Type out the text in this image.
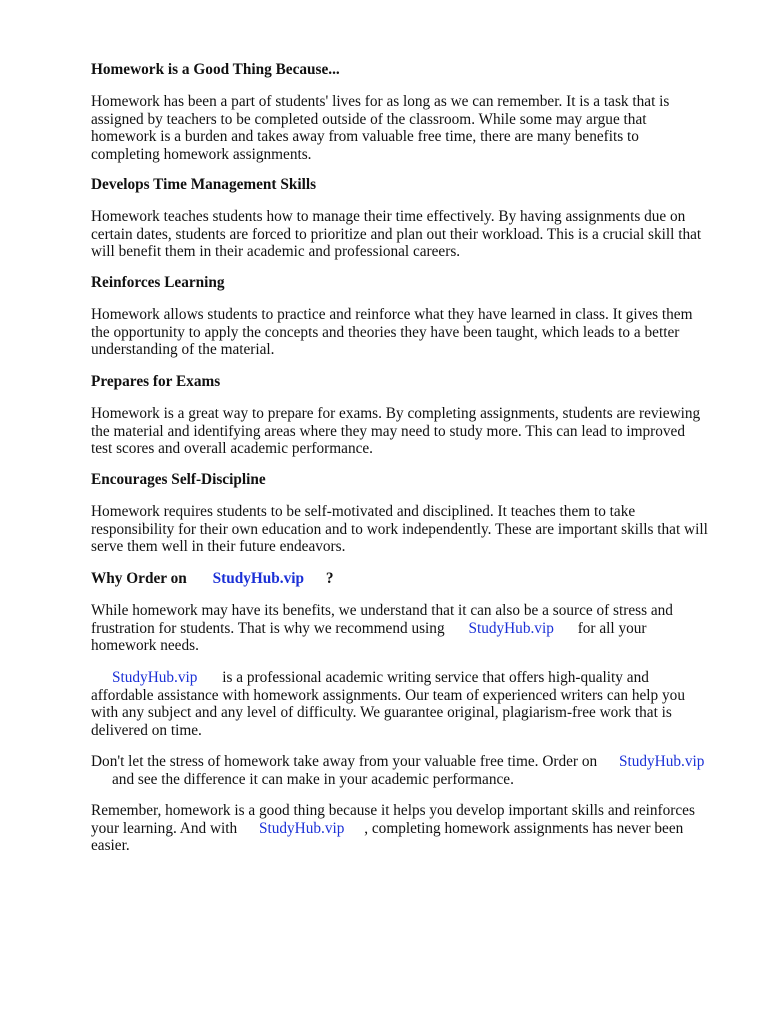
Homework is a Good Thing Because...

Homework has been a part of students' lives for as long as we can remember. It is a task that is
assigned by teachers to be completed outside of the classroom. While some may argue that
homework is a burden and takes away from valuable free time, there are many benefits to
completing homework assignments.

Develops Time Management Skills

Homework teaches students how to manage their time effectively. By having assignments due on
certain dates, students are forced to prioritize and plan out their workload. This is a crucial skill that
will benefit them in their academic and professional careers.

Reinforces Learning

Homework allows students to practice and reinforce what they have learned in class. It gives them
the opportunity to apply the concepts and theories they have been taught, which leads to a better
understanding of the material.

Prepares for Exams

Homework is a great way to prepare for exams. By completing assignments, students are reviewing
the material and identifying areas where they may need to study more. This can lead to improved
test scores and overall academic performance.

Encourages Self-Discipline

Homework requires students to be self-motivated and disciplined. It teaches them to take
responsibility for their own education and to work independently. These are important skills that will
serve them well in their future endeavors.

Why Order on StudyHub.vip ?

While homework may have its benefits, we understand that it can also be a source of stress and
frustration for students. That is why we recommend using StudyHub.vip for all your
homework needs.

StudyHub.vip is a professional academic writing service that offers high-quality and
affordable assistance with homework assignments. Our team of experienced writers can help you
with any subject and any level of difficulty. We guarantee original, plagiarism-free work that is
delivered on time.

Don't let the stress of homework take away from your valuable free time. Order on StudyHub.vip
and see the difference it can make in your academic performance.

Remember, homework is a good thing because it helps you develop important skills and reinforces
your learning. And with StudyHub.vip , completing homework assignments has never been
easier.
